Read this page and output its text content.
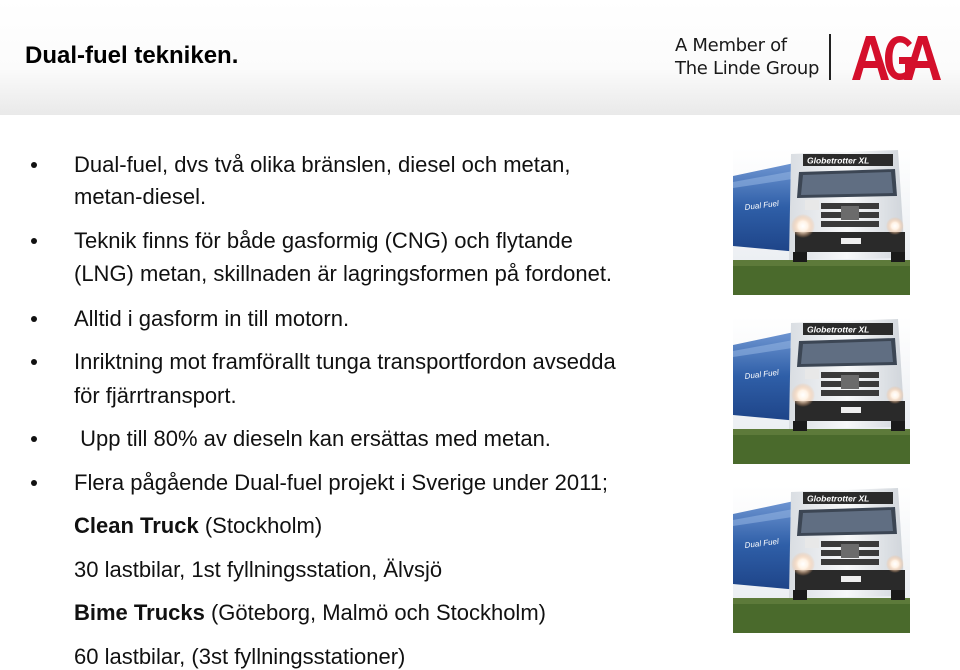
Dual-fuel tekniken.	A Member of
The Linde Group
Dual-fuel, dvs två olika bränslen, diesel och metan,
metan-diesel.
Teknik finns för både gasformig (CNG) och flytande
(LNG) metan, skillnaden är lagringsformen på fordonet.
Alltid i gasform in till motorn.
Inriktning mot framförallt tunga transportfordon avsedda
för fjärrtransport.
Upp till 80% av dieseln kan ersättas med metan.
Flera pågående Dual-fuel projekt i Sverige under 2011;
Clean Truck (Stockholm)
30 lastbilar, 1st fyllningsstation, Älvsjö
Bime Trucks (Göteborg, Malmö och Stockholm)
60 lastbilar, (3st fyllningsstationer)
